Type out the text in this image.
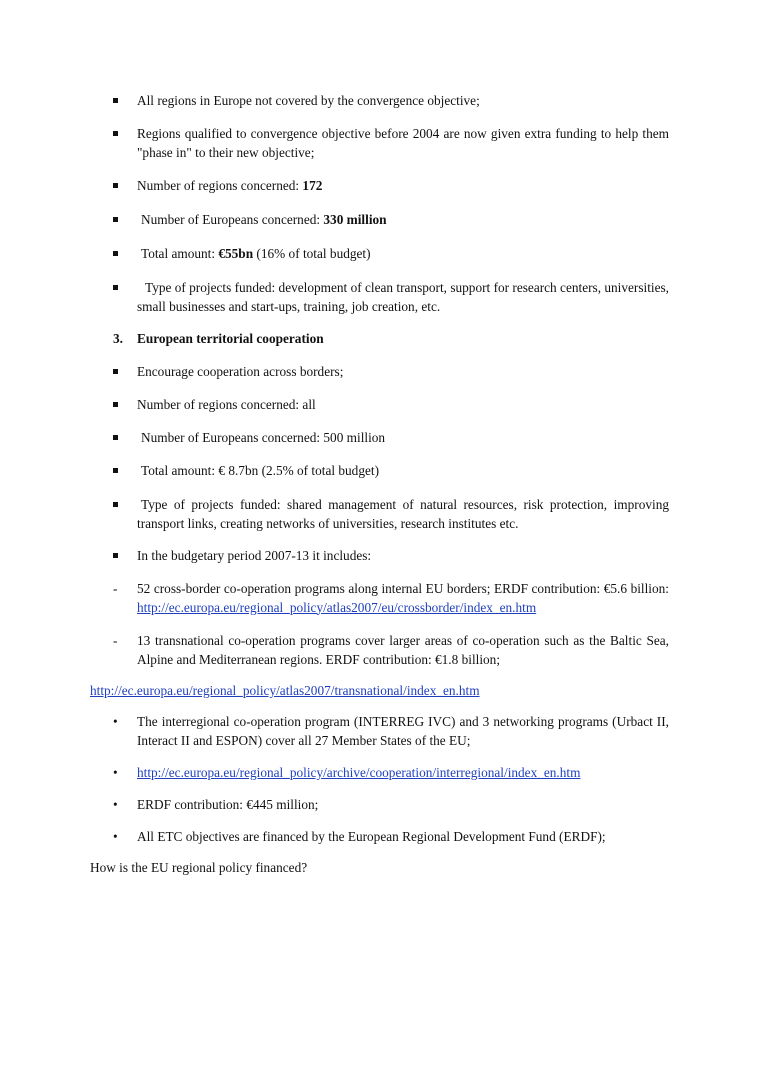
All regions in Europe not covered by the convergence objective;
Regions qualified to convergence objective before 2004 are now given extra funding to help them "phase in" to their new objective;
Number of regions concerned: 172
Number of Europeans concerned: 330 million
Total amount: €55bn (16% of total budget)
Type of projects funded: development of clean transport, support for research centers, universities, small businesses and start-ups, training, job creation, etc.
3. European territorial cooperation
Encourage cooperation across borders;
Number of regions concerned: all
Number of Europeans concerned: 500 million
Total amount: € 8.7bn (2.5% of total budget)
Type of projects funded: shared management of natural resources, risk protection, improving transport links, creating networks of universities, research institutes etc.
In the budgetary period 2007-13 it includes:
- 52 cross-border co-operation programs along internal EU borders; ERDF contribution: €5.6 billion: http://ec.europa.eu/regional_policy/atlas2007/eu/crossborder/index_en.htm
- 13 transnational co-operation programs cover larger areas of co-operation such as the Baltic Sea, Alpine and Mediterranean regions. ERDF contribution: €1.8 billion;
http://ec.europa.eu/regional_policy/atlas2007/transnational/index_en.htm
• The interregional co-operation program (INTERREG IVC) and 3 networking programs (Urbact II, Interact II and ESPON) cover all 27 Member States of the EU;
• http://ec.europa.eu/regional_policy/archive/cooperation/interregional/index_en.htm
• ERDF contribution: €445 million;
• All ETC objectives are financed by the European Regional Development Fund (ERDF);
How is the EU regional policy financed?
